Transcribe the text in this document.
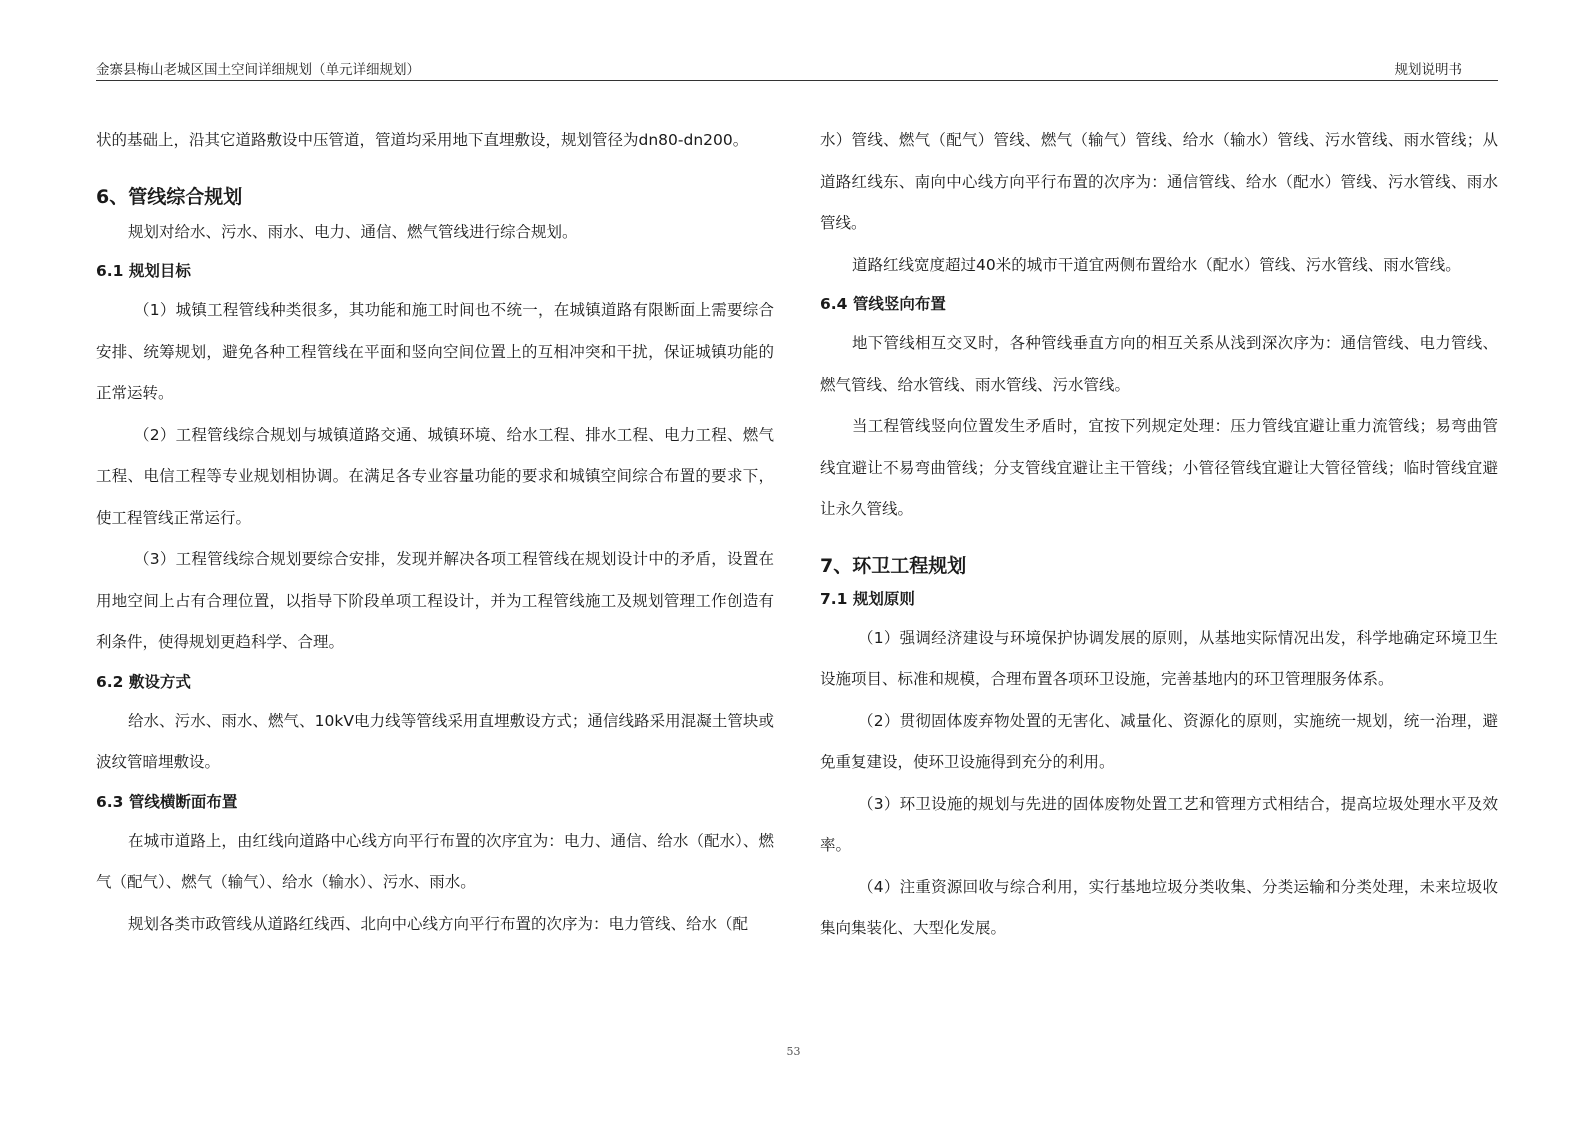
金寨县梅山老城区国土空间详细规划（单元详细规划）	规划说明书

状的基础上，沿其它道路敷设中压管道，管道均采用地下直埋敷设，规划管径为dn80-dn200。

6、管线综合规划

规划对给水、污水、雨水、电力、通信、燃气管线进行综合规划。

6.1 规划目标

（1）城镇工程管线种类很多，其功能和施工时间也不统一，在城镇道路有限断面上需要综合安排、统筹规划，避免各种工程管线在平面和竖向空间位置上的互相冲突和干扰，保证城镇功能的正常运转。

（2）工程管线综合规划与城镇道路交通、城镇环境、给水工程、排水工程、电力工程、燃气工程、电信工程等专业规划相协调。在满足各专业容量功能的要求和城镇空间综合布置的要求下，使工程管线正常运行。

（3）工程管线综合规划要综合安排，发现并解决各项工程管线在规划设计中的矛盾，设置在用地空间上占有合理位置，以指导下阶段单项工程设计，并为工程管线施工及规划管理工作创造有利条件，使得规划更趋科学、合理。

6.2 敷设方式

给水、污水、雨水、燃气、10kV电力线等管线采用直埋敷设方式；通信线路采用混凝土管块或波纹管暗埋敷设。

6.3 管线横断面布置

在城市道路上，由红线向道路中心线方向平行布置的次序宜为：电力、通信、给水（配水）、燃气（配气）、燃气（输气）、给水（输水）、污水、雨水。

规划各类市政管线从道路红线西、北向中心线方向平行布置的次序为：电力管线、给水（配

水）管线、燃气（配气）管线、燃气（输气）管线、给水（输水）管线、污水管线、雨水管线；从道路红线东、南向中心线方向平行布置的次序为：通信管线、给水（配水）管线、污水管线、雨水管线。

道路红线宽度超过40米的城市干道宜两侧布置给水（配水）管线、污水管线、雨水管线。

6.4 管线竖向布置

地下管线相互交叉时，各种管线垂直方向的相互关系从浅到深次序为：通信管线、电力管线、燃气管线、给水管线、雨水管线、污水管线。

当工程管线竖向位置发生矛盾时，宜按下列规定处理：压力管线宜避让重力流管线；易弯曲管线宜避让不易弯曲管线；分支管线宜避让主干管线；小管径管线宜避让大管径管线；临时管线宜避让永久管线。

7、环卫工程规划

7.1 规划原则

（1）强调经济建设与环境保护协调发展的原则，从基地实际情况出发，科学地确定环境卫生设施项目、标准和规模，合理布置各项环卫设施，完善基地内的环卫管理服务体系。

（2）贯彻固体废弃物处置的无害化、减量化、资源化的原则，实施统一规划，统一治理，避免重复建设，使环卫设施得到充分的利用。

（3）环卫设施的规划与先进的固体废物处置工艺和管理方式相结合，提高垃圾处理水平及效率。

（4）注重资源回收与综合利用，实行基地垃圾分类收集、分类运输和分类处理，未来垃圾收集向集装化、大型化发展。

53
